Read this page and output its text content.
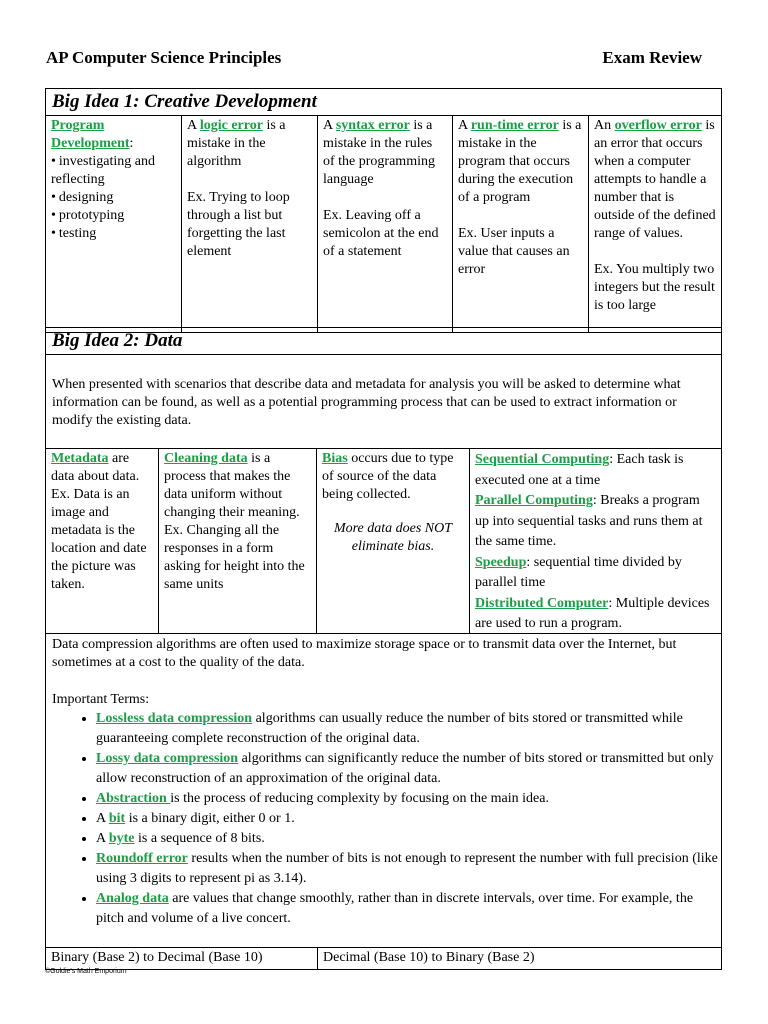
AP Computer Science Principles	Exam Review
Big Idea 1: Creative Development
Program Development:
• investigating and reflecting
• designing
• prototyping
• testing
A logic error is a mistake in the algorithm
Ex. Trying to loop through a list but forgetting the last element
A syntax error is a mistake in the rules of the programming language
Ex. Leaving off a semicolon at the end of a statement
A run-time error is a mistake in the program that occurs during the execution of a program
Ex. User inputs a value that causes an error
An overflow error is an error that occurs when a computer attempts to handle a number that is outside of the defined range of values.
Ex. You multiply two integers but the result is too large
Big Idea 2: Data
When presented with scenarios that describe data and metadata for analysis you will be asked to determine what information can be found, as well as a potential programming process that can be used to extract information or modify the existing data.
Metadata are data about data.
Ex. Data is an image and metadata is the location and date the picture was taken.
Cleaning data is a process that makes the data uniform without changing their meaning.
Ex. Changing all the responses in a form asking for height into the same units
Bias occurs due to type of source of the data being collected.
More data does NOT eliminate bias.
Sequential Computing: Each task is executed one at a time
Parallel Computing: Breaks a program up into sequential tasks and runs them at the same time.
Speedup: sequential time divided by parallel time
Distributed Computer: Multiple devices are used to run a program.
Data compression algorithms are often used to maximize storage space or to transmit data over the Internet, but sometimes at a cost to the quality of the data.
Important Terms:
• Lossless data compression algorithms can usually reduce the number of bits stored or transmitted while guaranteeing complete reconstruction of the original data.
• Lossy data compression algorithms can significantly reduce the number of bits stored or transmitted but only allow reconstruction of an approximation of the original data.
• Abstraction is the process of reducing complexity by focusing on the main idea.
• A bit is a binary digit, either 0 or 1.
• A byte is a sequence of 8 bits.
• Roundoff error results when the number of bits is not enough to represent the number with full precision (like using 3 digits to represent pi as 3.14).
• Analog data are values that change smoothly, rather than in discrete intervals, over time. For example, the pitch and volume of a live concert.
Binary (Base 2) to Decimal (Base 10)	Decimal (Base 10) to Binary (Base 2)
©Goldie's Math Emporium
